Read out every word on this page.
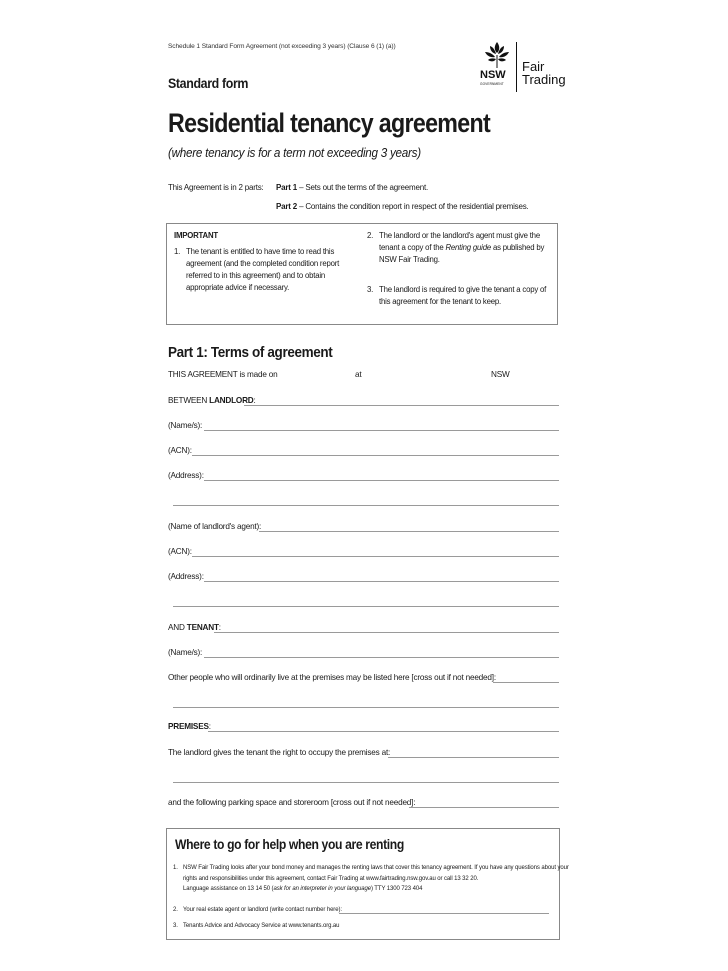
Schedule 1 Standard Form Agreement (not exceeding 3 years) (Clause 6 (1) (a))
NSW
GOVERNMENT
Fair
Trading
Standard form
Residential tenancy agreement
(where tenancy is for a term not exceeding 3 years)
This Agreement is in 2 parts: Part 1 – Sets out the terms of the agreement.
Part 2 – Contains the condition report in respect of the residential premises.
IMPORTANT
1. The tenant is entitled to have time to read this
agreement (and the completed condition report
referred to in this agreement) and to obtain
appropriate advice if necessary.
2. The landlord or the landlord's agent must give the
tenant a copy of the Renting guide as published by
NSW Fair Trading.
3. The landlord is required to give the tenant a copy of
this agreement for the tenant to keep.
Part 1: Terms of agreement
THIS AGREEMENT is made on	at	NSW
BETWEEN LANDLORD:
(Name/s):
(ACN):
(Address):
(Name of landlord's agent):
(ACN):
(Address):
AND TENANT:
(Name/s):
Other people who will ordinarily live at the premises may be listed here [cross out if not needed]:
PREMISES:
The landlord gives the tenant the right to occupy the premises at:
and the following parking space and storeroom [cross out if not needed]:
Where to go for help when you are renting
1. NSW Fair Trading looks after your bond money and manages the renting laws that cover this tenancy agreement. If you have any questions about your
rights and responsibilities under this agreement, contact Fair Trading at www.fairtrading.nsw.gov.au or call 13 32 20.
Language assistance on 13 14 50 (ask for an interpreter in your language) TTY 1300 723 404
2. Your real estate agent or landlord (write contact number here):
3. Tenants Advice and Advocacy Service at www.tenants.org.au
